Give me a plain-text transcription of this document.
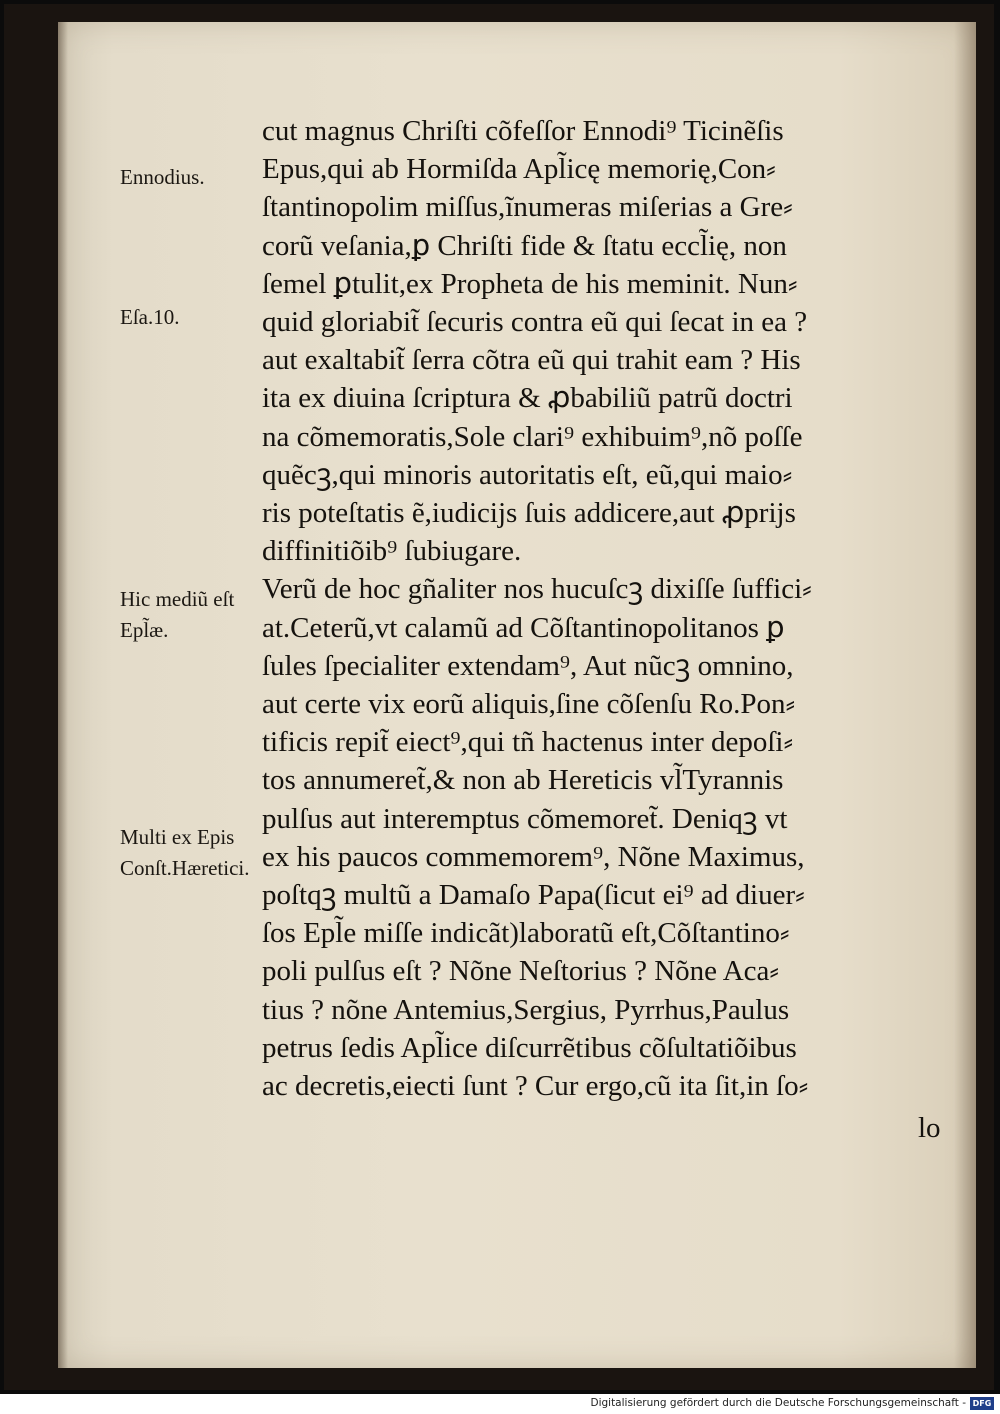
Ennodius.
Eſa.10.
Hic mediũ eſt
Epl̃æ.
Multi ex Epis
Conſt.Hæretici.
lo
cut magnus Chriſti cõfeſſor Ennodi⁹ Ticinẽſis
Epus,qui ab Hormiſda Apl̃icę memorię,Con⸗
ſtantinopolim miſſus,ĩnumeras miſerias a Gre⸗
corũ veſania,ꝑ Chriſti fide & ſtatu eccl̃ię, non
ſemel ꝑtulit,ex Propheta de his meminit. Nun⸗
quid gloriabit̃ ſecuris contra eũ qui ſecat in ea ?
aut exaltabit̃ ſerra cõtra eũ qui trahit eam ? His
ita ex diuina ſcriptura & ꝓbabiliũ patrũ doctri
na cõmemoratis,Sole clari⁹ exhibuim⁹,nõ poſſe
quẽcꝫ,qui minoris autoritatis eſt, eũ,qui maio⸗
ris poteſtatis ẽ,iudicijs ſuis addicere,aut ꝓprijs
diffinitiõib⁹ ſubiugare.
Verũ de hoc gñaliter nos hucuſcꝫ dixiſſe ſuffici⸗
at.Ceterũ,vt calamũ ad Cõſtantinopolitanos ꝑ
ſules ſpecialiter extendam⁹, Aut nũcꝫ omnino,
aut certe vix eorũ aliquis,ſine cõſenſu Ro.Pon⸗
tificis repit̃ eiect⁹,qui tñ hactenus inter depoſi⸗
tos annumeret̃,& non ab Hereticis vl̃Tyrannis
pulſus aut interemptus cõmemoret̃. Deniqꝫ vt
ex his paucos commemorem⁹, Nõne Maximus,
poſtqꝫ multũ a Damaſo Papa(ſicut ei⁹ ad diuer⸗
ſos Epl̃e miſſe indicãt)laboratũ eſt,Cõſtantino⸗
poli pulſus eſt ? Nõne Neſtorius ? Nõne Aca⸗
tius ? nõne Antemius,Sergius, Pyrrhus,Paulus
petrus ſedis Apl̃ice diſcurrẽtibus cõſultatiõibus
ac decretis,eiecti ſunt ? Cur ergo,cũ ita ſit,in ſo⸗
Digitalisierung gefördert durch die Deutsche Forschungsgemeinschaft - DFG
